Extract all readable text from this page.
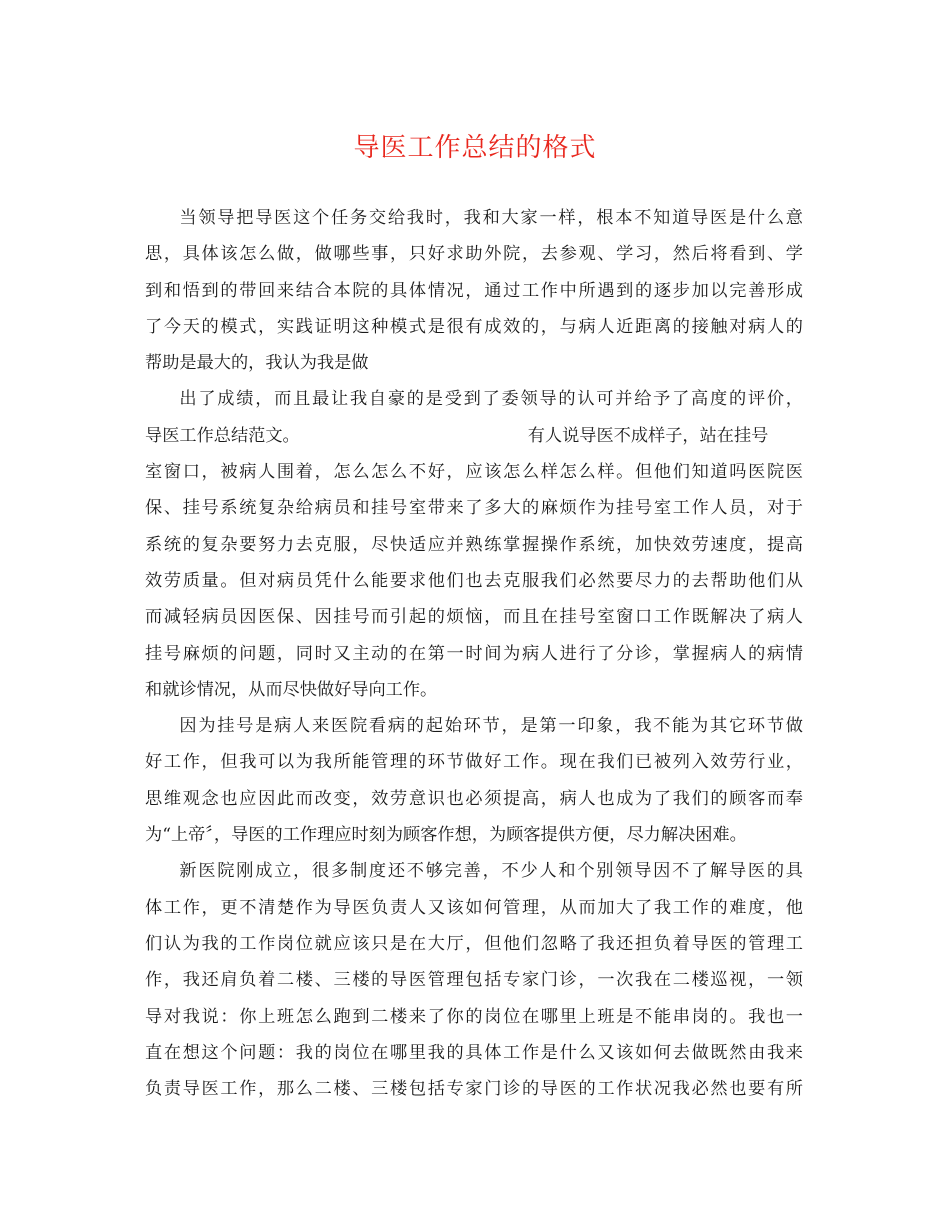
导医工作总结的格式
当领导把导医这个任务交给我时，我和大家一样，根本不知道导医是什么意
思，具体该怎么做，做哪些事，只好求助外院，去参观、学习，然后将看到、学
到和悟到的带回来结合本院的具体情况，通过工作中所遇到的逐步加以完善形成
了今天的模式，实践证明这种模式是很有成效的，与病人近距离的接触对病人的
帮助是最大的，我认为我是做
出了成绩，而且最让我自豪的是受到了委领导的认可并给予了高度的评价，
导医工作总结范文。	有人说导医不成样子，站在挂号
室窗口，被病人围着，怎么怎么不好，应该怎么样怎么样。但他们知道吗医院医
保、挂号系统复杂给病员和挂号室带来了多大的麻烦作为挂号室工作人员，对于
系统的复杂要努力去克服，尽快适应并熟练掌握操作系统，加快效劳速度，提高
效劳质量。但对病员凭什么能要求他们也去克服我们必然要尽力的去帮助他们从
而减轻病员因医保、因挂号而引起的烦恼，而且在挂号室窗口工作既解决了病人
挂号麻烦的问题，同时又主动的在第一时间为病人进行了分诊，掌握病人的病情
和就诊情况，从而尽快做好导向工作。
因为挂号是病人来医院看病的起始环节，是第一印象，我不能为其它环节做
好工作，但我可以为我所能管理的环节做好工作。现在我们已被列入效劳行业，
思维观念也应因此而改变，效劳意识也必须提高，病人也成为了我们的顾客而奉
为“上帝〞，导医的工作理应时刻为顾客作想，为顾客提供方便，尽力解决困难。
新医院刚成立，很多制度还不够完善，不少人和个别领导因不了解导医的具
体工作，更不清楚作为导医负责人又该如何管理，从而加大了我工作的难度，他
们认为我的工作岗位就应该只是在大厅，但他们忽略了我还担负着导医的管理工
作，我还肩负着二楼、三楼的导医管理包括专家门诊，一次我在二楼巡视，一领
导对我说：你上班怎么跑到二楼来了你的岗位在哪里上班是不能串岗的。我也一
直在想这个问题：我的岗位在哪里我的具体工作是什么又该如何去做既然由我来
负责导医工作，那么二楼、三楼包括专家门诊的导医的工作状况我必然也要有所
